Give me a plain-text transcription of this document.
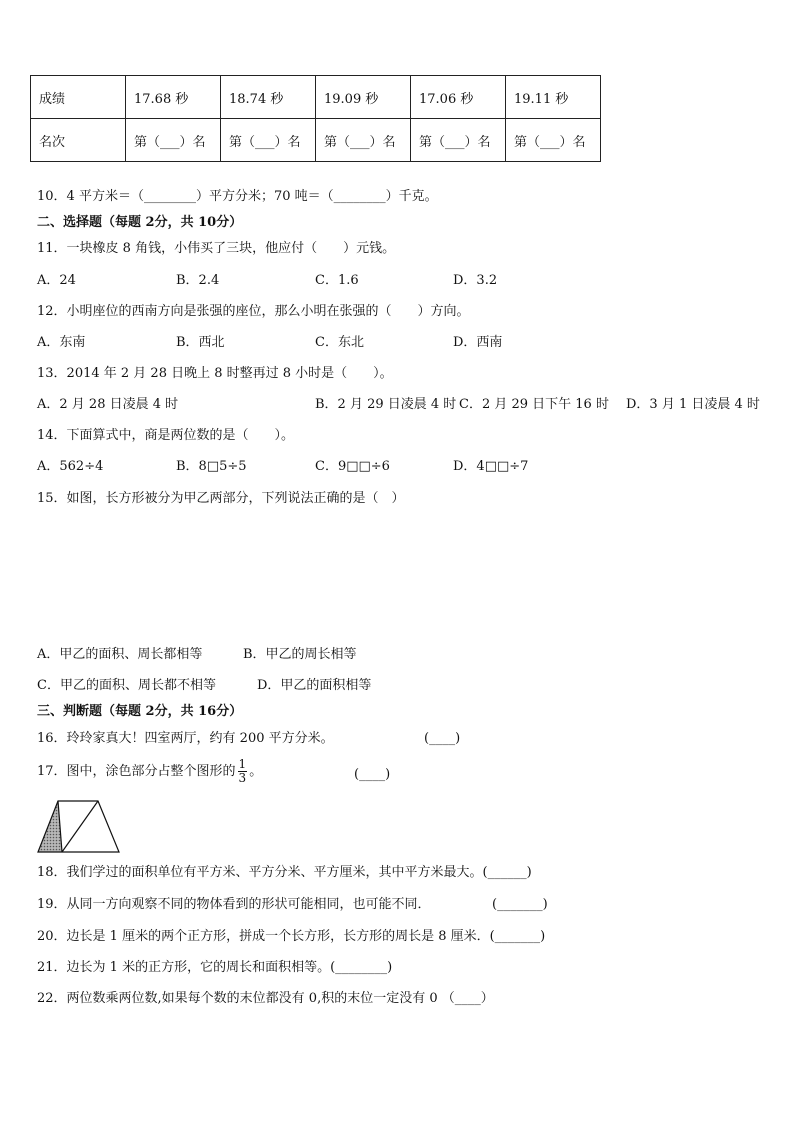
成绩	17.68 秒	18.74 秒	19.09 秒	17.06 秒	19.11 秒
名次	第（___）名	第（___）名	第（___）名	第（___）名	第（___）名
10．4 平方米＝（________）平方分米；70 吨＝（________）千克。
二、选择题（每题 2分，共 10分）
11．一块橡皮 8 角钱，小伟买了三块，他应付（　　）元钱。
A．24	B．2.4	C．1.6	D．3.2
12．小明座位的西南方向是张强的座位，那么小明在张强的（　　）方向。
A．东南	B．西北	C．东北	D．西南
13．2014 年 2 月 28 日晚上 8 时整再过 8 小时是（　　）。
A．2 月 28 日凌晨 4 时	B．2 月 29 日凌晨 4 时 C．2 月 29 日下午 16 时 D．3 月 1 日凌晨 4 时
14．下面算式中，商是两位数的是（　　）。
A．562÷4	B．8□5÷5	C．9□□÷6	D．4□□÷7
15．如图，长方形被分为甲乙两部分，下列说法正确的是（　）
A．甲乙的面积、周长都相等	B．甲乙的周长相等
C．甲乙的面积、周长都不相等	D．甲乙的面积相等
三、判断题（每题 2分，共 16分）
16．玲玲家真大！四室两厅，约有 200 平方分米。	(____)
17．图中，涂色部分占整个图形的 $\frac{1}{3}$ 。	(____)
18．我们学过的面积单位有平方米、平方分米、平方厘米，其中平方米最大。(______)
19．从同一方向观察不同的物体看到的形状可能相同，也可能不同．	(_______)
20．边长是 1 厘米的两个正方形，拼成一个长方形，长方形的周长是 8 厘米．(_______)
21．边长为 1 米的正方形，它的周长和面积相等。(________)
22．两位数乘两位数,如果每个数的末位都没有 0,积的末位一定没有 0 （____）
